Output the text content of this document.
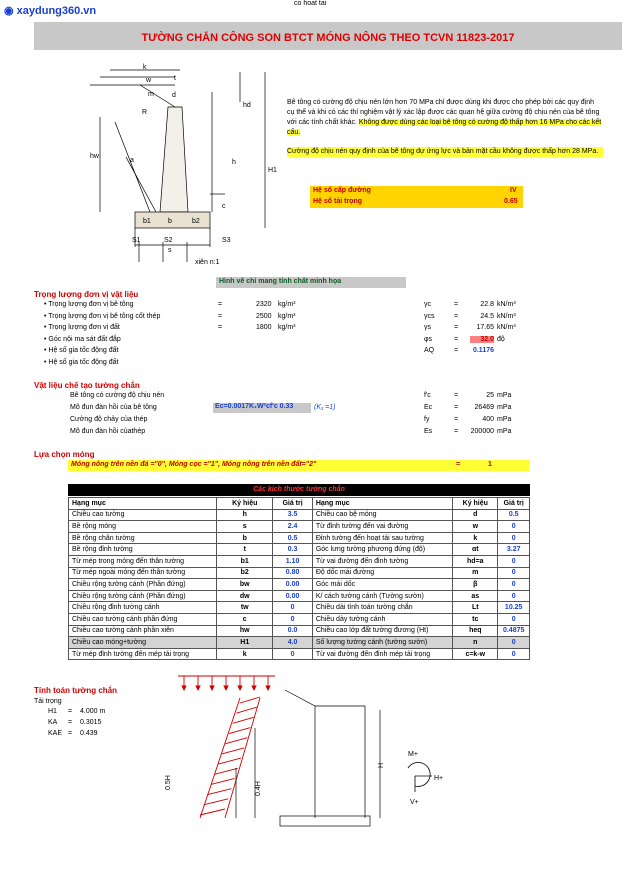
◉ xaydung360.vn
co hoat tai
TƯỜNG CHẮN CÔNG SON BTCT MÓNG NÔNG THEO TCVN 11823-2017
k
w	t
m	d
R
hd
hw
h
H1
a
c
b1 b	b2
S1	S2	S3
s
xiên n:1
Bê tông có cường độ chịu nén lớn hơn 70 MPa chỉ được dùng khi được cho phép bởi các quy định cụ thể và khi có các thí nghiệm vật lý xác lập được các quan hệ giữa cường độ chịu nén của bê tông với các tính chất khác. Không được dùng các loại bê tông có cường độ thấp hơn 16 MPa cho các kết cấu.
Cường độ chịu nén quy định của bê tông dự ứng lực và bản mặt cầu không được thấp hơn 28 MPa.
Hệ số cấp đường	IV
Hệ số tải trọng	0.65
Hình vẽ chỉ mang tính chất minh họa
Trọng lượng đơn vị vật liệu
• Trọng lượng đơn vị bê tông	=	2320 kg/m³	γc	=	22.8 kN/m³
• Trọng lượng đơn vị bê tông cốt thép	=	2500 kg/m³	γcs	=	24.5 kN/m³
• Trọng lượng đơn vị đất	=	1800 kg/m³	γs	=	17.65 kN/m³
• Góc nội ma sát đất đắp	φs	=	32.0 độ
• Hệ số gia tốc động đất	AQ	=	0.1176
• Hệ số gia tốc động đất
Vật liệu chế tạo tường chắn
Bê tông có cường độ chịu nén	f'c	=	25 mPa
Mô đun đàn hồi của bê tông	Ec=0.0017K₁W²cf'c 0.33	(K₁ =1)	Ec	=	26469 mPa
Cường độ chảy của thép	fy	=	400 mPa
Mô đun đàn hồi củathép	Es	=	200000 mPa
Lựa chọn móng
Móng nông trên nền đá ="0", Móng cọc ="1", Móng nông trên nền đất="2"	=	1
Các kích thước tường chắn
Hạng mục	Ký hiệu	Giá trị	Hạng mục	Ký hiệu	Giá trị
Chiều cao tường	h	3.5	Chiều cao bệ móng	d	0.5
Bề rộng móng	s	2.4	Từ đỉnh tường đến vai đường	w	0
Bề rộng chân tường	b	0.5	Đỉnh tường đến hoạt tải sau tường	k	0
Bề rộng đỉnh tường	t	0.3	Góc lưng tường phương đứng (độ)	αt	3.27
Từ mép trong móng đến thân tường	b1	1.10	Từ vai đường đến đỉnh tường	hd=a	0
Từ mép ngoài móng đến thân tường	b2	0.80	Độ dốc mái đường	m	0
Chiều rộng tường cánh (Phần đứng)	bw	0.00	Góc mái dốc	β	0
Chiều rộng tường cánh (Phần đứng)	dw	0.00	K/ cách tường cánh (Tường sườn)	as	0
Chiều rộng đỉnh tường cánh	tw	0	Chiều dài tính toán tường chắn	Lt	10.25
Chiều cao tường cánh phần đứng	c	0	Chiều dày tường cánh	tc	0
Chiều cao tường cánh phần xiên	hw	0.0	Chiều cao lớp đất tường đương (Ht)	heq	0.4875
Chiều cao móng+tường	H1	4.0	Số lượng tường cánh (tường sườn)	n	0
Từ mép đỉnh tường đến mép tải trọng	k	0	Từ vai đường đến đỉnh mép tải trọng	c=k-w	0
Tính toán tường chắn
Tải trọng
H1 = 4.000 m
KA = 0.3015
KAE = 0.439
0.5H	0.4H
H
M+
H+
V+
